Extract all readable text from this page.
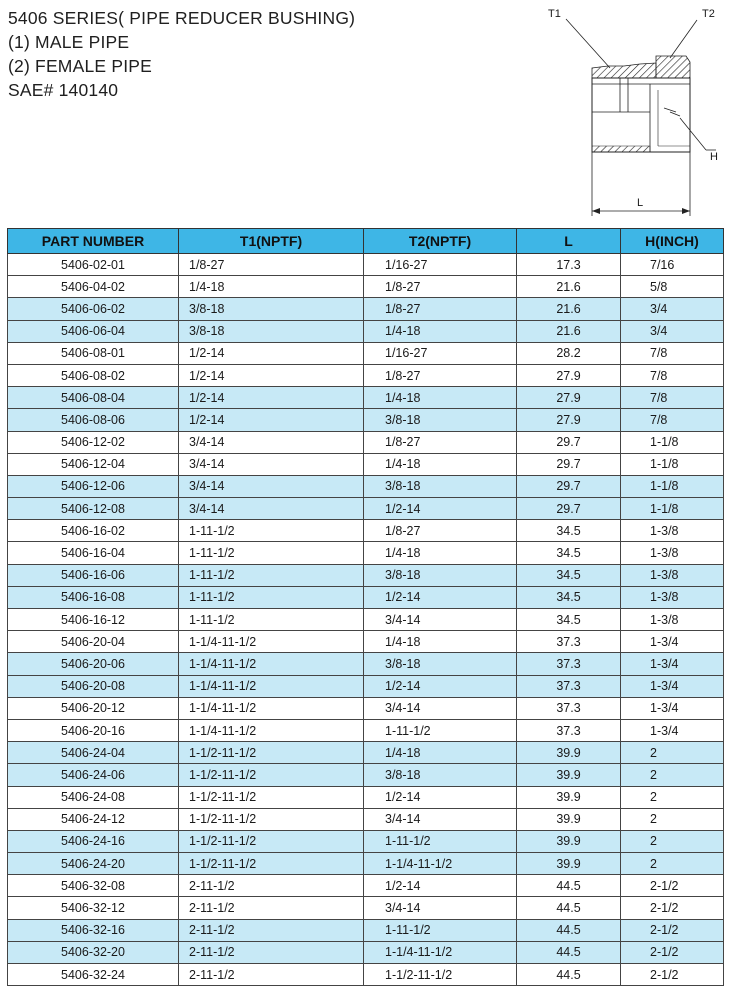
5406 SERIES( PIPE REDUCER BUSHING)
(1) MALE PIPE
(2) FEMALE PIPE
SAE# 140140
T1	T2
H
L
PART NUMBER	T1(NPTF)	T2(NPTF)	L	H(INCH)
5406-02-01	1/8-27	1/16-27	17.3	7/16
5406-04-02	1/4-18	1/8-27	21.6	5/8
5406-06-02	3/8-18	1/8-27	21.6	3/4
5406-06-04	3/8-18	1/4-18	21.6	3/4
5406-08-01	1/2-14	1/16-27	28.2	7/8
5406-08-02	1/2-14	1/8-27	27.9	7/8
5406-08-04	1/2-14	1/4-18	27.9	7/8
5406-08-06	1/2-14	3/8-18	27.9	7/8
5406-12-02	3/4-14	1/8-27	29.7	1-1/8
5406-12-04	3/4-14	1/4-18	29.7	1-1/8
5406-12-06	3/4-14	3/8-18	29.7	1-1/8
5406-12-08	3/4-14	1/2-14	29.7	1-1/8
5406-16-02	1-11-1/2	1/8-27	34.5	1-3/8
5406-16-04	1-11-1/2	1/4-18	34.5	1-3/8
5406-16-06	1-11-1/2	3/8-18	34.5	1-3/8
5406-16-08	1-11-1/2	1/2-14	34.5	1-3/8
5406-16-12	1-11-1/2	3/4-14	34.5	1-3/8
5406-20-04	1-1/4-11-1/2	1/4-18	37.3	1-3/4
5406-20-06	1-1/4-11-1/2	3/8-18	37.3	1-3/4
5406-20-08	1-1/4-11-1/2	1/2-14	37.3	1-3/4
5406-20-12	1-1/4-11-1/2	3/4-14	37.3	1-3/4
5406-20-16	1-1/4-11-1/2	1-11-1/2	37.3	1-3/4
5406-24-04	1-1/2-11-1/2	1/4-18	39.9	2
5406-24-06	1-1/2-11-1/2	3/8-18	39.9	2
5406-24-08	1-1/2-11-1/2	1/2-14	39.9	2
5406-24-12	1-1/2-11-1/2	3/4-14	39.9	2
5406-24-16	1-1/2-11-1/2	1-11-1/2	39.9	2
5406-24-20	1-1/2-11-1/2	1-1/4-11-1/2	39.9	2
5406-32-08	2-11-1/2	1/2-14	44.5	2-1/2
5406-32-12	2-11-1/2	3/4-14	44.5	2-1/2
5406-32-16	2-11-1/2	1-11-1/2	44.5	2-1/2
5406-32-20	2-11-1/2	1-1/4-11-1/2	44.5	2-1/2
5406-32-24	2-11-1/2	1-1/2-11-1/2	44.5	2-1/2
